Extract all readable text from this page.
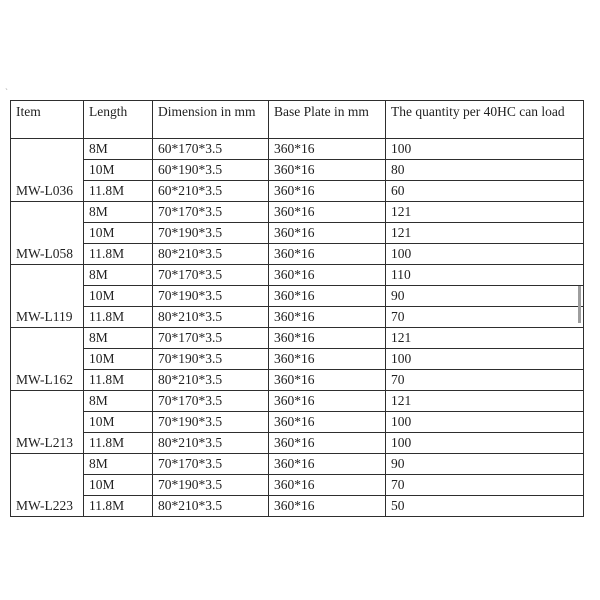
`
Item	Length	Dimension in mm	Base Plate in mm	The quantity per 40HC can load
MW-L036	8M	60*170*3.5	360*16	100
	10M	60*190*3.5	360*16	80
	11.8M	60*210*3.5	360*16	60
MW-L058	8M	70*170*3.5	360*16	121
	10M	70*190*3.5	360*16	121
	11.8M	80*210*3.5	360*16	100
MW-L119	8M	70*170*3.5	360*16	110
	10M	70*190*3.5	360*16	90
	11.8M	80*210*3.5	360*16	70
MW-L162	8M	70*170*3.5	360*16	121
	10M	70*190*3.5	360*16	100
	11.8M	80*210*3.5	360*16	70
MW-L213	8M	70*170*3.5	360*16	121
	10M	70*190*3.5	360*16	100
	11.8M	80*210*3.5	360*16	100
MW-L223	8M	70*170*3.5	360*16	90
	10M	70*190*3.5	360*16	70
	11.8M	80*210*3.5	360*16	50
